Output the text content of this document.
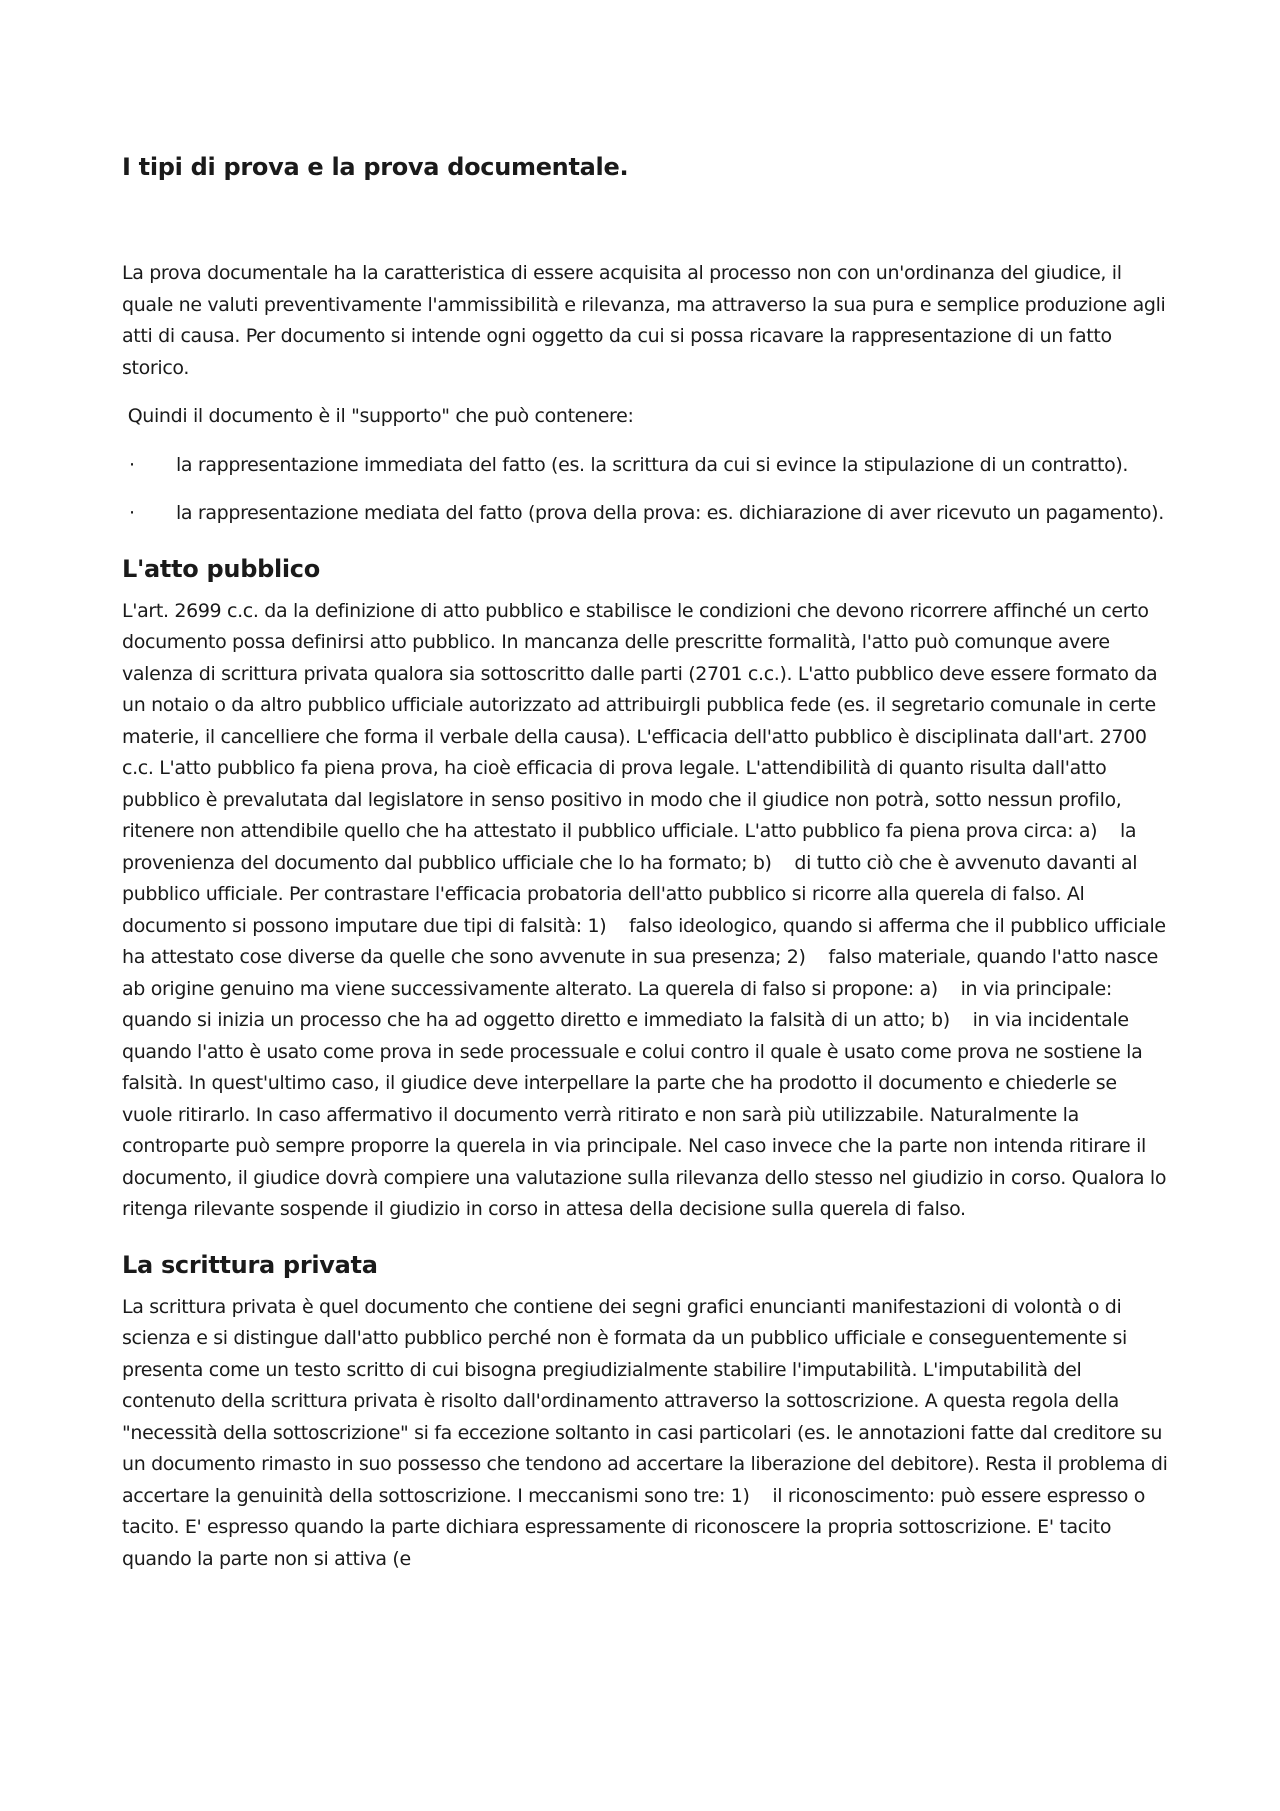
I tipi di prova e la prova documentale.

La prova documentale ha la caratteristica di essere acquisita al processo non con un'ordinanza del giudice, il quale ne valuti preventivamente l'ammissibilità e rilevanza, ma attraverso la sua pura e semplice produzione agli atti di causa. Per documento si intende ogni oggetto da cui si possa ricavare la rappresentazione di un fatto storico.

Quindi il documento è il "supporto" che può contenere:

· la rappresentazione immediata del fatto (es. la scrittura da cui si evince la stipulazione di un contratto).

· la rappresentazione mediata del fatto (prova della prova: es. dichiarazione di aver ricevuto un pagamento).

L'atto pubblico

L'art. 2699 c.c. da la definizione di atto pubblico e stabilisce le condizioni che devono ricorrere affinché un certo documento possa definirsi atto pubblico. In mancanza delle prescritte formalità, l'atto può comunque avere valenza di scrittura privata qualora sia sottoscritto dalle parti (2701 c.c.). L'atto pubblico deve essere formato da un notaio o da altro pubblico ufficiale autorizzato ad attribuirgli pubblica fede (es. il segretario comunale in certe materie, il cancelliere che forma il verbale della causa). L'efficacia dell'atto pubblico è disciplinata dall'art. 2700 c.c. L'atto pubblico fa piena prova, ha cioè efficacia di prova legale. L'attendibilità di quanto risulta dall'atto pubblico è prevalutata dal legislatore in senso positivo in modo che il giudice non potrà, sotto nessun profilo, ritenere non attendibile quello che ha attestato il pubblico ufficiale. L'atto pubblico fa piena prova circa: a)    la provenienza del documento dal pubblico ufficiale che lo ha formato; b)    di tutto ciò che è avvenuto davanti al pubblico ufficiale. Per contrastare l'efficacia probatoria dell'atto pubblico si ricorre alla querela di falso. Al documento si possono imputare due tipi di falsità: 1)    falso ideologico, quando si afferma che il pubblico ufficiale ha attestato cose diverse da quelle che sono avvenute in sua presenza; 2)    falso materiale, quando l'atto nasce ab origine genuino ma viene successivamente alterato. La querela di falso si propone: a)    in via principale: quando si inizia un processo che ha ad oggetto diretto e immediato la falsità di un atto; b)    in via incidentale quando l'atto è usato come prova in sede processuale e colui contro il quale è usato come prova ne sostiene la falsità. In quest'ultimo caso, il giudice deve interpellare la parte che ha prodotto il documento e chiederle se vuole ritirarlo. In caso affermativo il documento verrà ritirato e non sarà più utilizzabile. Naturalmente la controparte può sempre proporre la querela in via principale. Nel caso invece che la parte non intenda ritirare il documento, il giudice dovrà compiere una valutazione sulla rilevanza dello stesso nel giudizio in corso. Qualora lo ritenga rilevante sospende il giudizio in corso in attesa della decisione sulla querela di falso.

La scrittura privata

La scrittura privata è quel documento che contiene dei segni grafici enuncianti manifestazioni di volontà o di scienza e si distingue dall'atto pubblico perché non è formata da un pubblico ufficiale e conseguentemente si presenta come un testo scritto di cui bisogna pregiudizialmente stabilire l'imputabilità. L'imputabilità del contenuto della scrittura privata è risolto dall'ordinamento attraverso la sottoscrizione. A questa regola della "necessità della sottoscrizione" si fa eccezione soltanto in casi particolari (es. le annotazioni fatte dal creditore su un documento rimasto in suo possesso che tendono ad accertare la liberazione del debitore). Resta il problema di accertare la genuinità della sottoscrizione. I meccanismi sono tre: 1)    il riconoscimento: può essere espresso o tacito. E' espresso quando la parte dichiara espressamente di riconoscere la propria sottoscrizione. E' tacito quando la parte non si attiva (e
